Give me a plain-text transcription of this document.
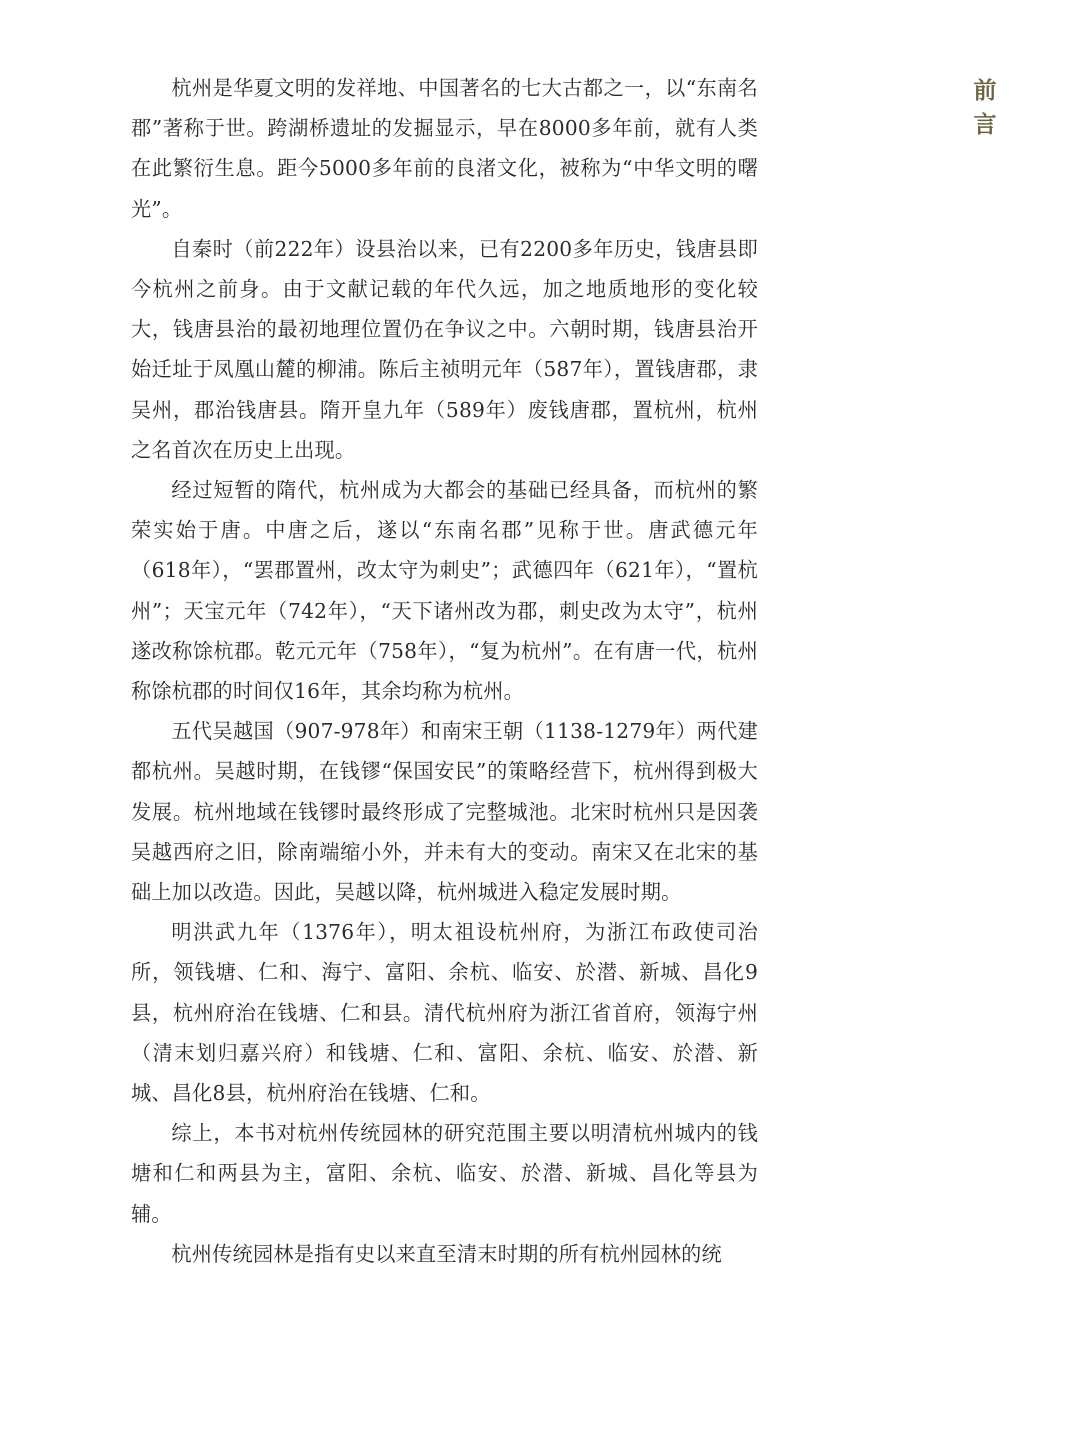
前
言

杭州是华夏文明的发祥地、中国著名的七大古都之一，以“东南名郡”著称于世。跨湖桥遗址的发掘显示，早在8000多年前，就有人类在此繁衍生息。距今5000多年前的良渚文化，被称为“中华文明的曙光”。

自秦时（前222年）设县治以来，已有2200多年历史，钱唐县即今杭州之前身。由于文献记载的年代久远，加之地质地形的变化较大，钱唐县治的最初地理位置仍在争议之中。六朝时期，钱唐县治开始迁址于凤凰山麓的柳浦。陈后主祯明元年（587年），置钱唐郡，隶吴州，郡治钱唐县。隋开皇九年（589年）废钱唐郡，置杭州，杭州之名首次在历史上出现。

经过短暂的隋代，杭州成为大都会的基础已经具备，而杭州的繁荣实始于唐。中唐之后，遂以“东南名郡”见称于世。唐武德元年（618年），“罢郡置州，改太守为刺史”；武德四年（621年），“置杭州”；天宝元年（742年），“天下诸州改为郡，刺史改为太守”，杭州遂改称馀杭郡。乾元元年（758年），“复为杭州”。在有唐一代，杭州称馀杭郡的时间仅16年，其余均称为杭州。

五代吴越国（907-978年）和南宋王朝（1138-1279年）两代建都杭州。吴越时期，在钱镠“保国安民”的策略经营下，杭州得到极大发展。杭州地域在钱镠时最终形成了完整城池。北宋时杭州只是因袭吴越西府之旧，除南端缩小外，并未有大的变动。南宋又在北宋的基础上加以改造。因此，吴越以降，杭州城进入稳定发展时期。

明洪武九年（1376年），明太祖设杭州府，为浙江布政使司治所，领钱塘、仁和、海宁、富阳、余杭、临安、於潜、新城、昌化9县，杭州府治在钱塘、仁和县。清代杭州府为浙江省首府，领海宁州（清末划归嘉兴府）和钱塘、仁和、富阳、余杭、临安、於潜、新城、昌化8县，杭州府治在钱塘、仁和。

综上，本书对杭州传统园林的研究范围主要以明清杭州城内的钱塘和仁和两县为主，富阳、余杭、临安、於潜、新城、昌化等县为辅。

杭州传统园林是指有史以来直至清末时期的所有杭州园林的统
